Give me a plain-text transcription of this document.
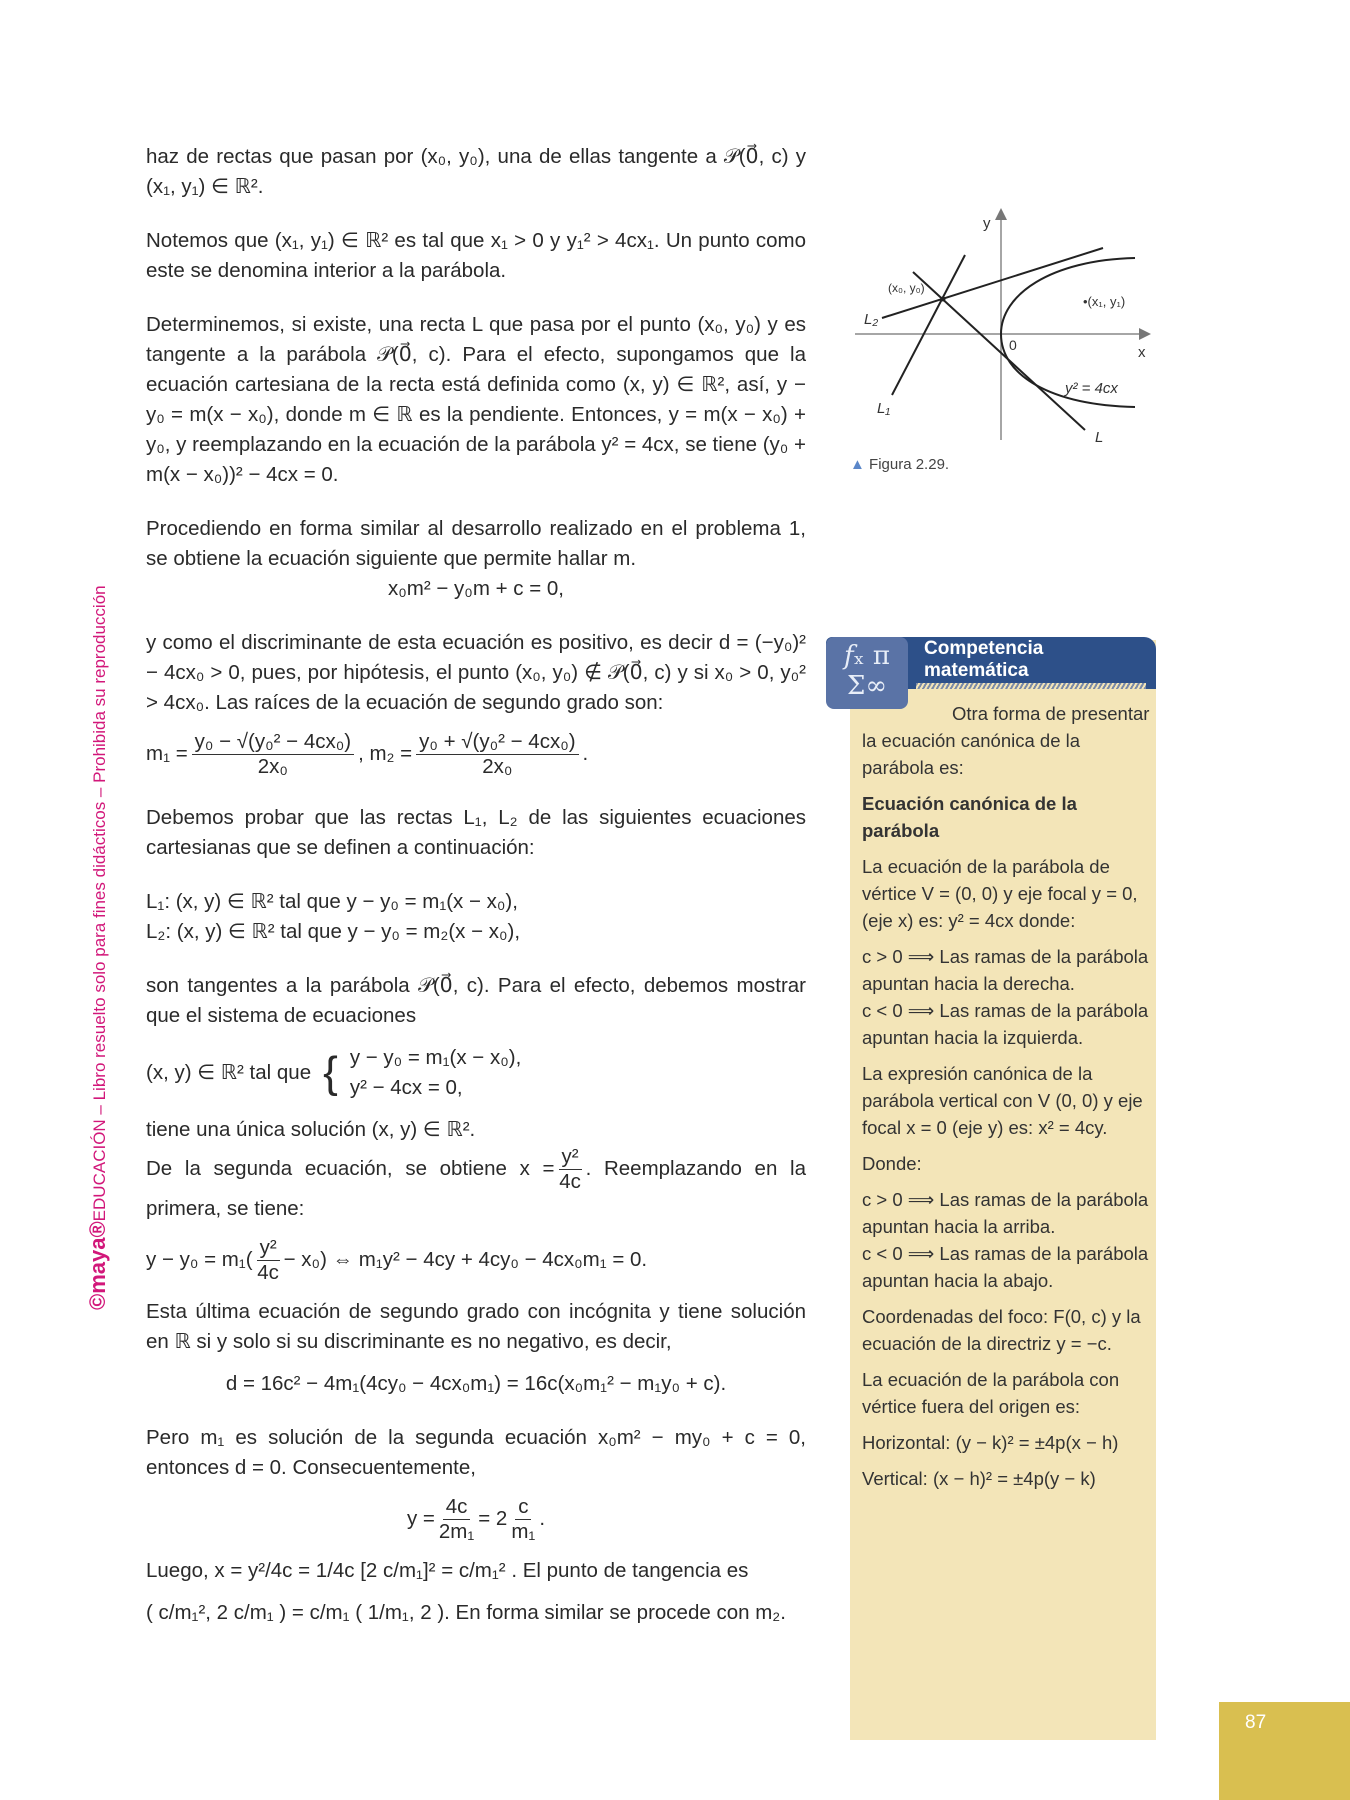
©maya®EDUCACIÓN – Libro resuelto solo para fines didácticos – Prohibida su reproducción
haz de rectas que pasan por (x₀, y₀), una de ellas tangente a 𝒫(0⃗, c) y (x₁, y₁) ∈ ℝ².
Notemos que (x₁, y₁) ∈ ℝ² es tal que x₁ > 0 y y₁² > 4cx₁. Un punto como este se denomina interior a la parábola.
Determinemos, si existe, una recta L que pasa por el punto (x₀, y₀) y es tangente a la parábola 𝒫(0⃗, c). Para el efecto, supongamos que la ecuación cartesiana de la recta está definida como (x, y) ∈ ℝ², así, y − y₀ = m(x − x₀), donde m ∈ ℝ es la pendiente. Entonces, y = m(x − x₀) + y₀, y reemplazando en la ecuación de la parábola y² = 4cx, se tiene (y₀ + m(x − x₀))² − 4cx = 0.
Procediendo en forma similar al desarrollo realizado en el problema 1, se obtiene la ecuación siguiente que permite hallar m.
x₀m² − y₀m + c = 0,
y como el discriminante de esta ecuación es positivo, es decir d = (−y₀)² − 4cx₀ > 0, pues, por hipótesis, el punto (x₀, y₀) ∉ 𝒫(0⃗, c) y si x₀ > 0, y₀² > 4cx₀. Las raíces de la ecuación de segundo grado son:
$m_1 = \frac{\text{y₀ − √(y₀² − 4cx₀)}}{\text{2x₀}}$ , $m_2 = \frac{\text{y₀ + √(y₀² − 4cx₀)}}{\text{2x₀}}$ .
Debemos probar que las rectas L₁, L₂ de las siguientes ecuaciones cartesianas que se definen a continuación:
L₁: (x, y) ∈ ℝ² tal que y − y₀ = m₁(x − x₀),
L₂: (x, y) ∈ ℝ² tal que y − y₀ = m₂(x − x₀),
son tangentes a la parábola 𝒫(0⃗, c). Para el efecto, debemos mostrar que el sistema de ecuaciones
(x, y) ∈ ℝ² tal que { y − y₀ = m₁(x − x₀),
y² − 4cx = 0,
tiene una única solución (x, y) ∈ ℝ².
De la segunda ecuación, se obtiene $x = \frac{\text{y²}}{4c}$ . Reemplazando en la primera, se tiene:
$y - y_0 = m_1( \frac{\text{y²}}{4c} - x_0)$ ⇔ m₁y² − 4cy + 4cy₀ − 4cx₀m₁ = 0.
Esta última ecuación de segundo grado con incógnita y tiene solución en ℝ si y solo si su discriminante es no negativo, es decir,
d = 16c² − 4m₁(4cy₀ − 4cx₀m₁) = 16c(x₀m₁² − m₁y₀ + c).
Pero m₁ es solución de la segunda ecuación x₀m² − my₀ + c = 0, entonces d = 0. Consecuentemente,
$y = \frac{4c}{\text{2m₁}} = 2 \frac{c}{\text{m₁}}$ .
Luego, x = y²/4c = 1/4c [2 c/m₁]² = c/m₁² . El punto de tangencia es
( c/m₁², 2 c/m₁ ) = c/m₁ ( 1/m₁, 2 ). En forma similar se procede con m₂.
y
x
0
(x₀, y₀)
•(x₁, y₁)
L₂
L₁
L
y² = 4cx
▲ Figura 2.29.
𝑓ₓ π
Σ∞
Competencia
matemática

Otra forma de presentar la ecuación canónica de la parábola es:

Ecuación canónica de la parábola

La ecuación de la parábola de vértice V = (0, 0) y eje focal y = 0, (eje x) es: y² = 4cx donde:

c > 0 ⟹ Las ramas de la parábola apuntan hacia la derecha.

c < 0 ⟹ Las ramas de la parábola apuntan hacia la izquierda.

La expresión canónica de la parábola vertical con V (0, 0) y eje focal x = 0 (eje y) es: x² = 4cy.

Donde:

c > 0 ⟹ Las ramas de la parábola apuntan hacia la arriba.

c < 0 ⟹ Las ramas de la parábola apuntan hacia la abajo.

Coordenadas del foco: F(0, c) y la ecuación de la directriz y = −c.

La ecuación de la parábola con vértice fuera del origen es:

Horizontal: (y − k)² = ±4p(x − h)

Vertical: (x − h)² = ±4p(y − k)

87
